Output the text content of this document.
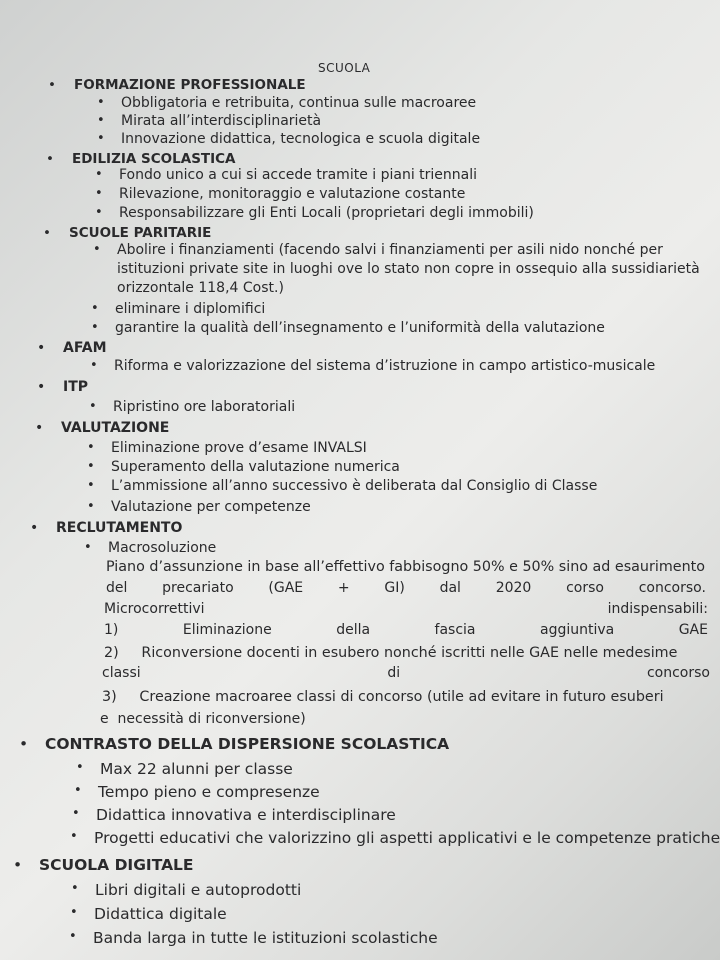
SCUOLA
• FORMAZIONE PROFESSIONALE
• Obbligatoria e retribuita, continua sulle macroaree
• Mirata all’interdisciplinarietà
• Innovazione didattica, tecnologica e scuola digitale
• EDILIZIA SCOLASTICA
• Fondo unico a cui si accede tramite i piani triennali
• Rilevazione, monitoraggio e valutazione costante
• Responsabilizzare gli Enti Locali (proprietari degli immobili)
• SCUOLE PARITARIE
• Abolire i finanziamenti (facendo salvi i finanziamenti per asili nido nonché per
istituzioni private site in luoghi ove lo stato non copre in ossequio alla sussidiarietà
orizzontale 118,4 Cost.)
• eliminare i diplomifici
• garantire la qualità dell’insegnamento e l’uniformità della valutazione
• AFAM
• Riforma e valorizzazione del sistema d’istruzione in campo artistico-musicale
• ITP
• Ripristino ore laboratoriali
• VALUTAZIONE
• Eliminazione prove d’esame INVALSI
• Superamento della valutazione numerica
• L’ammissione all’anno successivo è deliberata dal Consiglio di Classe
• Valutazione per competenze
• RECLUTAMENTO
• Macrosoluzione
Piano d’assunzione in base all’effettivo fabbisogno 50% e 50% sino ad esaurimento
del precariato (GAE + GI) dal 2020 corso concorso.
Microcorrettivi	indispensabili:
1)	Eliminazione	della	fascia	aggiuntiva	GAE
2)     Riconversione docenti in esubero nonché iscritti nelle GAE nelle medesime
classi	di	concorso
3)     Creazione macroaree classi di concorso (utile ad evitare in futuro esuberi
e  necessità di riconversione)
• CONTRASTO DELLA DISPERSIONE SCOLASTICA
• Max 22 alunni per classe
• Tempo pieno e compresenze
• Didattica innovativa e interdisciplinare
• Progetti educativi che valorizzino gli aspetti applicativi e le competenze pratiche
• SCUOLA DIGITALE
• Libri digitali e autoprodotti
• Didattica digitale
• Banda larga in tutte le istituzioni scolastiche
